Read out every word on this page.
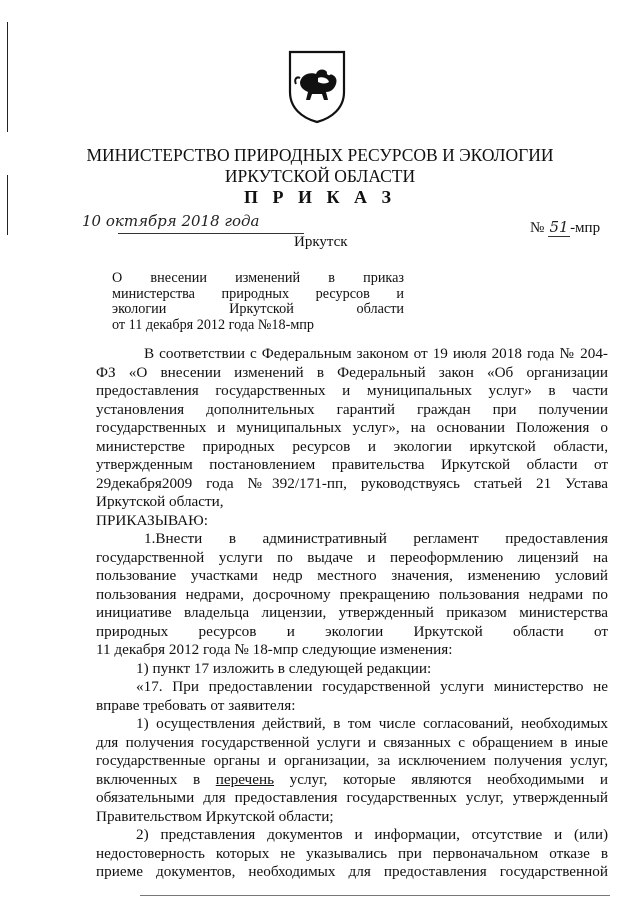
МИНИСТЕРСТВО ПРИРОДНЫХ РЕСУРСОВ И ЭКОЛОГИИ
ИРКУТСКОЙ ОБЛАСТИ
П Р И К А З
10 октября 2018 года	№ 51-мпр
Иркутск
О внесении изменений в приказ
министерства природных ресурсов и
экологии Иркутской области
от 11 декабря 2012 года №18-мпр
В соответствии с Федеральным законом от 19 июля 2018 года № 204-
ФЗ «О внесении изменений в Федеральный закон «Об организации
предоставления государственных и муниципальных услуг» в части
установления дополнительных гарантий граждан при получении
государственных и муниципальных услуг», на основании Положения о
министерстве природных ресурсов и экологии иркутской области,
утвержденным постановлением правительства Иркутской области от
29декабря2009 года №392/171-пп, руководствуясь статьей 21 Устава
Иркутской области,
ПРИКАЗЫВАЮ:
1.Внести в административный регламент предоставления
государственной услуги по выдаче и переоформлению лицензий на
пользование участками недр местного значения, изменению условий
пользования недрами, досрочному прекращению пользования недрами по
инициативе владельца лицензии, утвержденный приказом министерства
природных ресурсов и экологии Иркутской области от
11 декабря 2012 года № 18-мпр следующие изменения:
1) пункт 17 изложить в следующей редакции:
«17. При предоставлении государственной услуги министерство не
вправе требовать от заявителя:
1) осуществления действий, в том числе согласований, необходимых
для получения государственной услуги и связанных с обращением в иные
государственные органы и организации, за исключением получения услуг,
включенных в перечень услуг, которые являются необходимыми и
обязательными для предоставления государственных услуг, утвержденный
Правительством Иркутской области;
2) представления документов и информации, отсутствие и (или)
недостоверность которых не указывались при первоначальном отказе в
приеме документов, необходимых для предоставления государственной
